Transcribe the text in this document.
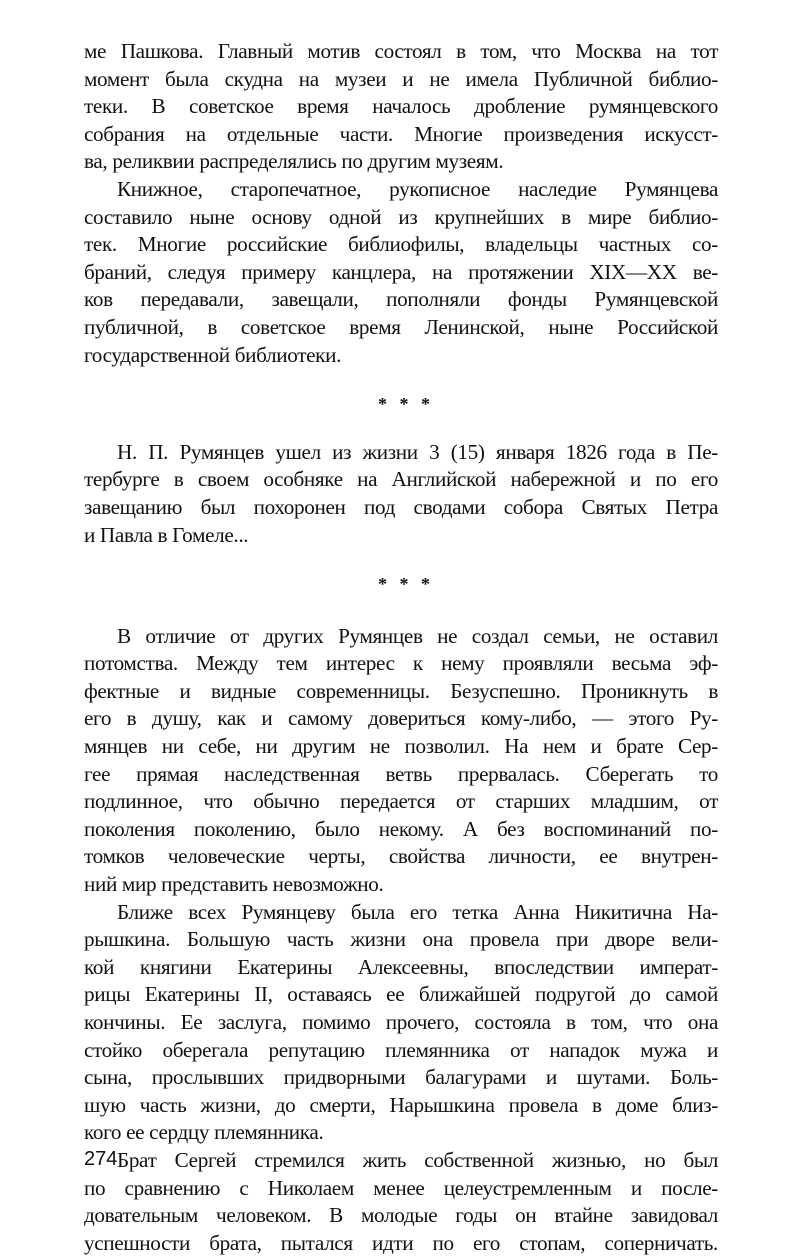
ме Пашкова. Главный мотив состоял в том, что Москва на тот
момент была скудна на музеи и не имела Публичной библио-
теки. В советское время началось дробление румянцевского
собрания на отдельные части. Многие произведения искусст-
ва, реликвии распределялись по другим музеям.

Книжное, старопечатное, рукописное наследие Румянцева
составило ныне основу одной из крупнейших в мире библио-
тек. Многие российские библиофилы, владельцы частных со-
браний, следуя примеру канцлера, на протяжении XIX—XX ве-
ков передавали, завещали, пополняли фонды Румянцевской
публичной, в советское время Ленинской, ныне Российской
государственной библиотеки.

* * *

Н. П. Румянцев ушел из жизни 3 (15) января 1826 года в Пе-
тербурге в своем особняке на Английской набережной и по его
завещанию был похоронен под сводами собора Святых Петра
и Павла в Гомеле...

* * *

В отличие от других Румянцев не создал семьи, не оставил
потомства. Между тем интерес к нему проявляли весьма эф-
фектные и видные современницы. Безуспешно. Проникнуть в
его в душу, как и самому довериться кому-либо, — этого Ру-
мянцев ни себе, ни другим не позволил. На нем и брате Сер-
гее прямая наследственная ветвь прервалась. Сберегать то
подлинное, что обычно передается от старших младшим, от
поколения поколению, было некому. А без воспоминаний по-
томков человеческие черты, свойства личности, ее внутрен-
ний мир представить невозможно.

Ближе всех Румянцеву была его тетка Анна Никитична На-
рышкина. Большую часть жизни она провела при дворе вели-
кой княгини Екатерины Алексеевны, впоследствии императ-
рицы Екатерины II, оставаясь ее ближайшей подругой до самой
кончины. Ее заслуга, помимо прочего, состояла в том, что она
стойко оберегала репутацию племянника от нападок мужа и
сына, прослывших придворными балагурами и шутами. Боль-
шую часть жизни, до смерти, Нарышкина провела в доме близ-
кого ее сердцу племянника.

Брат Сергей стремился жить собственной жизнью, но был
по сравнению с Николаем менее целеустремленным и после-
довательным человеком. В молодые годы он втайне завидовал
успешности брата, пытался идти по его стопам, соперничать.

274
